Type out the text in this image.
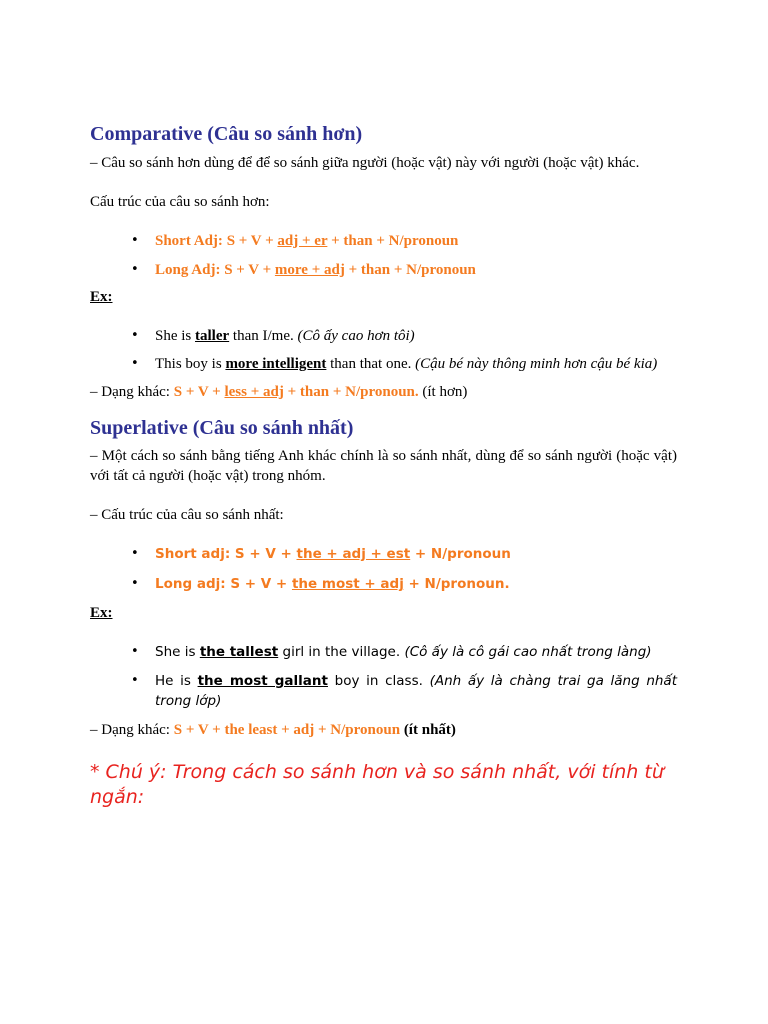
Comparative (Câu so sánh hơn)

– Câu so sánh hơn dùng để để so sánh giữa người (hoặc vật) này với người (hoặc vật) khác.

Cấu trúc của câu so sánh hơn:

• Short Adj: S + V + adj + er + than + N/pronoun
• Long Adj: S + V + more + adj + than + N/pronoun

Ex:

• She is taller than I/me. (Cô ấy cao hơn tôi)
• This boy is more intelligent than that one. (Cậu bé này thông minh hơn cậu bé kia)

– Dạng khác: S + V + less + adj + than + N/pronoun. (ít hơn)

Superlative (Câu so sánh nhất)

– Một cách so sánh bằng tiếng Anh khác chính là so sánh nhất, dùng để so sánh người (hoặc vật) với tất cả người (hoặc vật) trong nhóm.

– Cấu trúc của câu so sánh nhất:

• Short adj: S + V + the + adj + est + N/pronoun
• Long adj: S + V + the most + adj + N/pronoun.

Ex:

• She is the tallest girl in the village. (Cô ấy là cô gái cao nhất trong làng)
• He is the most gallant boy in class. (Anh ấy là chàng trai ga lăng nhất trong lớp)

– Dạng khác: S + V + the least + adj + N/pronoun (ít nhất)

* Chú ý: Trong cách so sánh hơn và so sánh nhất, với tính từ ngắn:
